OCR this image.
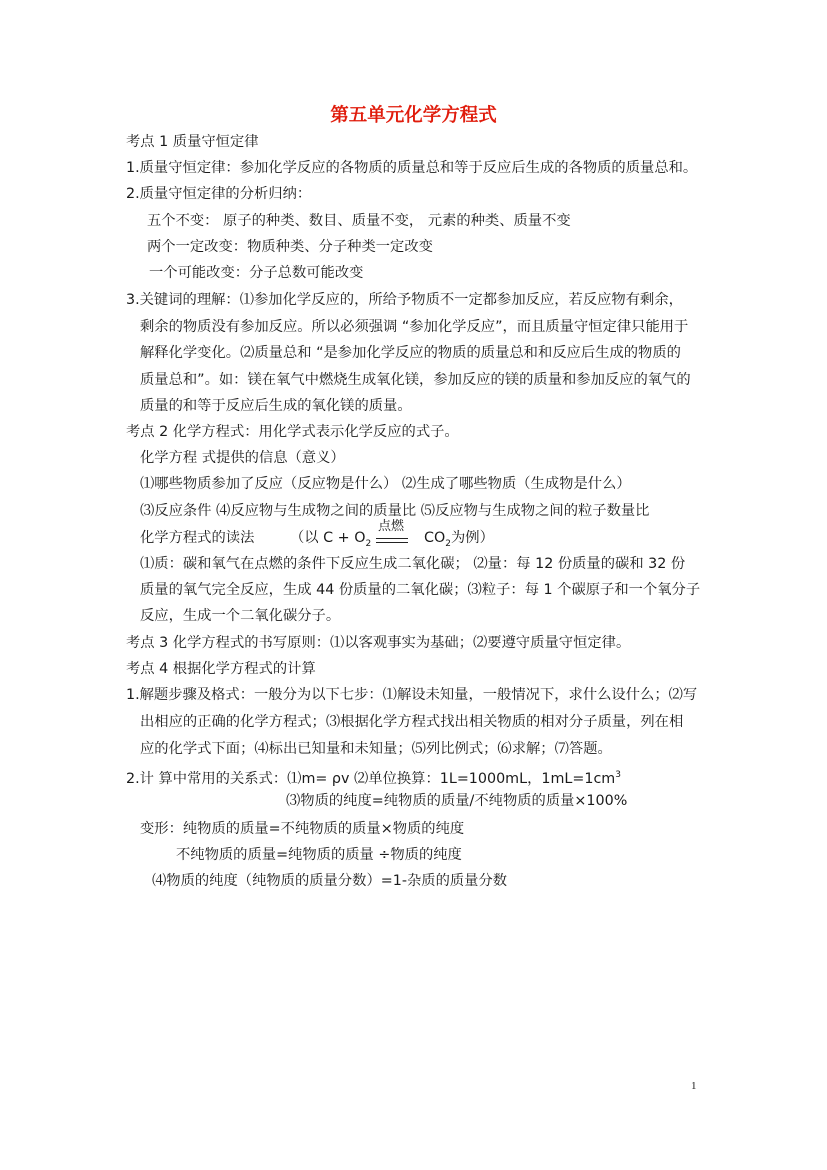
第五单元化学方程式
考点 1 质量守恒定律
1.质量守恒定律：参加化学反应的各物质的质量总和等于反应后生成的各物质的质量总和。
2.质量守恒定律的分析归纳：
五个不变： 原子的种类、数目、质量不变， 元素的种类、质量不变
两个一定改变：物质种类、分子种类一定改变
一个可能改变：分子总数可能改变
3.关键词的理解：⑴参加化学反应的，所给予物质不一定都参加反应，若反应物有剩余，
剩余的物质没有参加反应。所以必须强调 “参加化学反应”，而且质量守恒定律只能用于
解释化学变化。⑵质量总和 “是参加化学反应的物质的质量总和和反应后生成的物质的
质量总和”。如：镁在氧气中燃烧生成氧化镁，参加反应的镁的质量和参加反应的氧气的
质量的和等于反应后生成的氧化镁的质量。
考点 2 化学方程式：用化学式表示化学反应的式子。
化学方程 式提供的信息（意义）
⑴哪些物质参加了反应（反应物是什么） ⑵生成了哪些物质（生成物是什么）
⑶反应条件 ⑷反应物与生成物之间的质量比 ⑸反应物与生成物之间的粒子数量比
化学方程式的读法 （以 $C + O_2$
点燃
$CO_2$为例）
⑴质：碳和氧气在点燃的条件下反应生成二氧化碳； ⑵量：每 12 份质量的碳和 32 份
质量的氧气完全反应，生成 44 份质量的二氧化碳；⑶粒子：每 1 个碳原子和一个氧分子
反应，生成一个二氧化碳分子。
考点 3 化学方程式的书写原则：⑴以客观事实为基础；⑵要遵守质量守恒定律。
考点 4 根据化学方程式的计算
1.解题步骤及格式：一般分为以下七步：⑴解设未知量，一般情况下，求什么设什么；⑵写
出相应的正确的化学方程式；⑶根据化学方程式找出相关物质的相对分子质量，列在相
应的化学式下面；⑷标出已知量和未知量；⑸列比例式；⑹求解；⑺答题。
2.计 算中常用的关系式：⑴m= ρv ⑵单位换算：1L=1000mL，$1mL=1cm^3$
⑶物质的纯度=纯物质的质量/不纯物质的质量×100%
变形：纯物质的质量=不纯物质的质量×物质的纯度
不纯物质的质量=纯物质的质量 ÷物质的纯度
⑷物质的纯度（纯物质的质量分数）=1-杂质的质量分数
1
